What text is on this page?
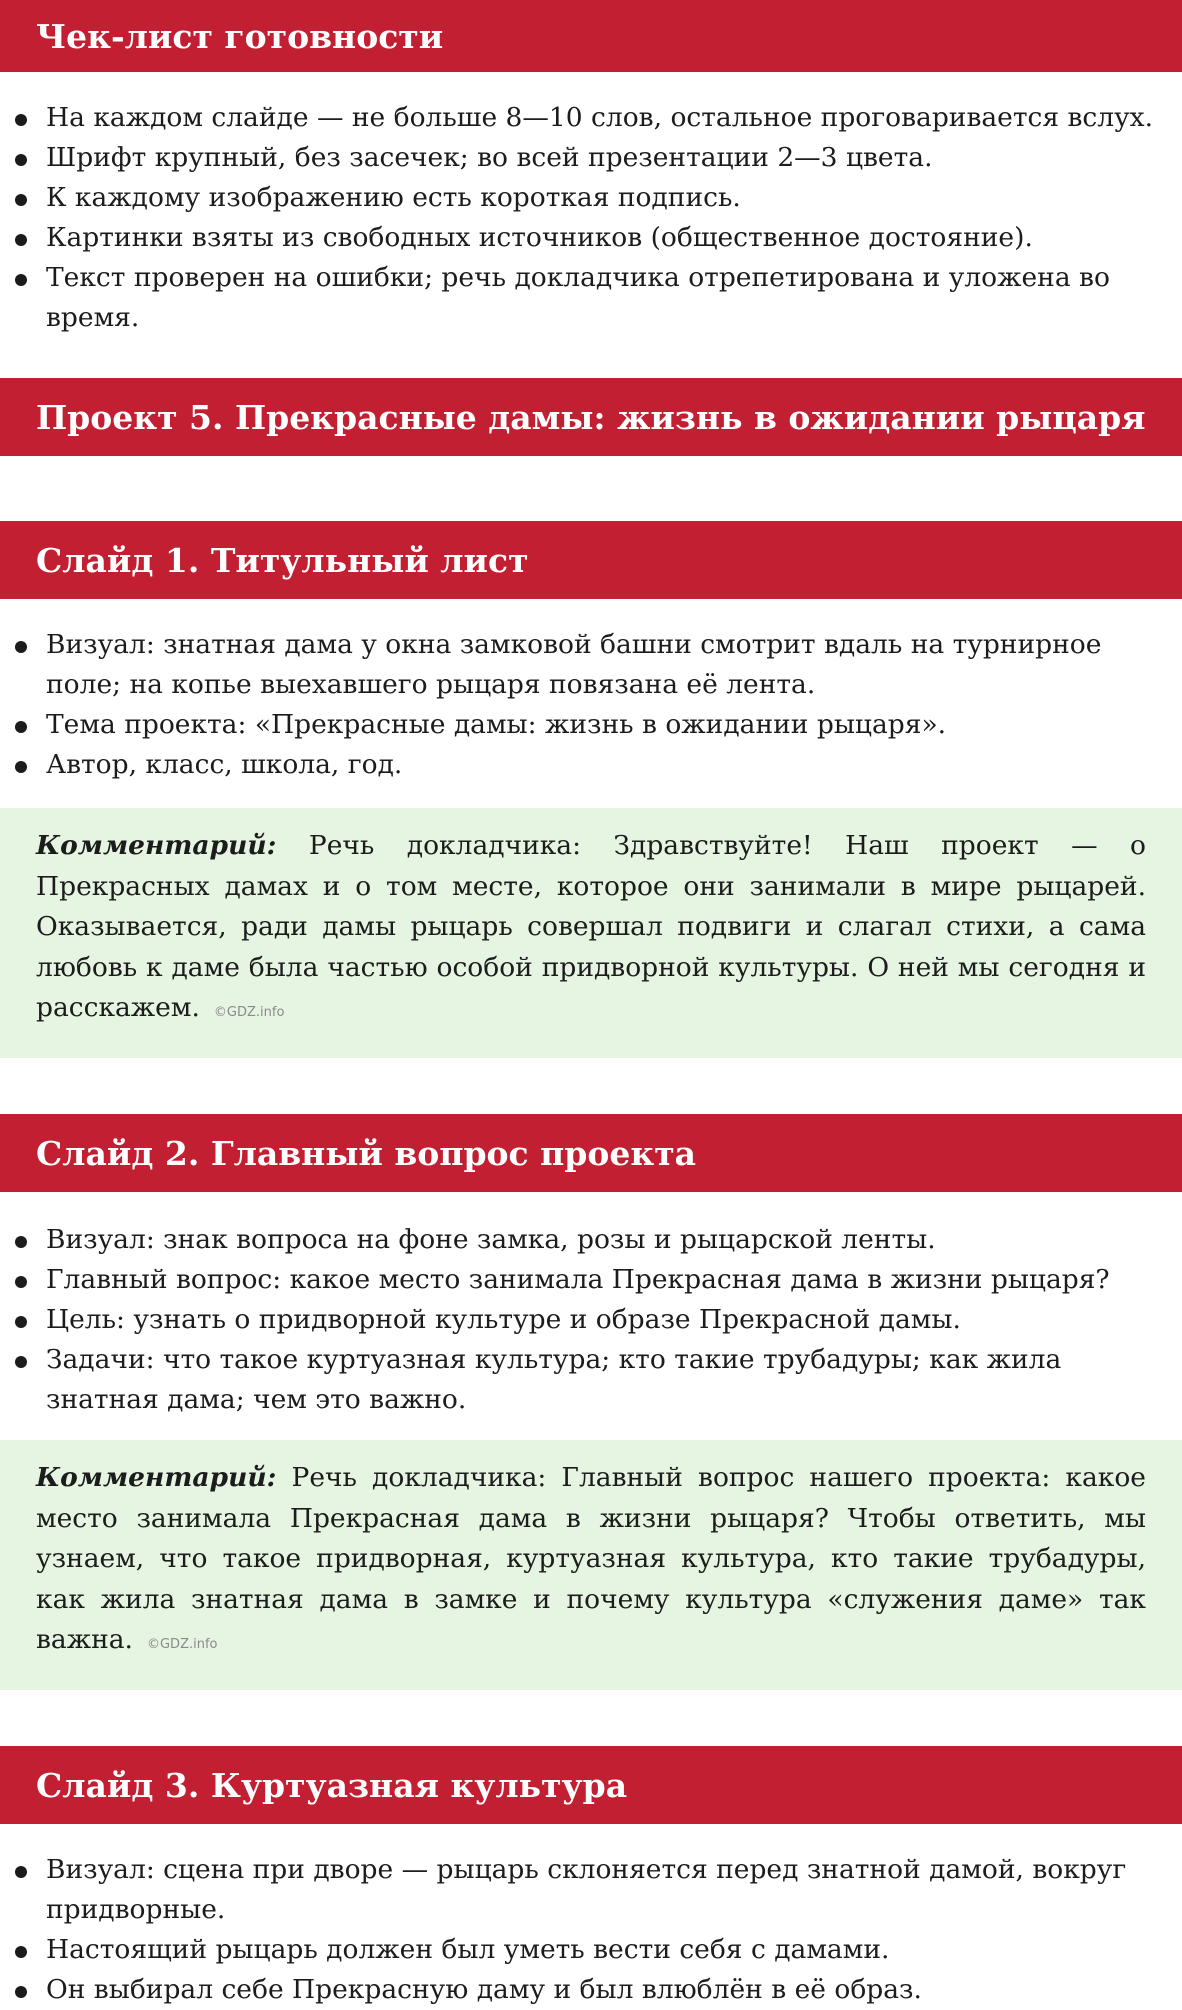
Чек-лист готовности
На каждом слайде — не больше 8—10 слов, остальное проговаривается вслух.
Шрифт крупный, без засечек; во всей презентации 2—3 цвета.
К каждому изображению есть короткая подпись.
Картинки взяты из свободных источников (общественное достояние).
Текст проверен на ошибки; речь докладчика отрепетирована и уложена во время.
Проект 5. Прекрасные дамы: жизнь в ожидании рыцаря
Слайд 1. Титульный лист
Визуал: знатная дама у окна замковой башни смотрит вдаль на турнирное поле; на копье выехавшего рыцаря повязана её лента.
Тема проекта: «Прекрасные дамы: жизнь в ожидании рыцаря».
Автор, класс, школа, год.
Комментарий: Речь докладчика: Здравствуйте! Наш проект — о Прекрасных дамах и о том месте, которое они занимали в мире рыцарей. Оказывается, ради дамы рыцарь совершал подвиги и слагал стихи, а сама любовь к даме была частью особой придворной культуры. О ней мы сегодня и расскажем. ©GDZ.info
Слайд 2. Главный вопрос проекта
Визуал: знак вопроса на фоне замка, розы и рыцарской ленты.
Главный вопрос: какое место занимала Прекрасная дама в жизни рыцаря?
Цель: узнать о придворной культуре и образе Прекрасной дамы.
Задачи: что такое куртуазная культура; кто такие трубадуры; как жила знатная дама; чем это важно.
Комментарий: Речь докладчика: Главный вопрос нашего проекта: какое место занимала Прекрасная дама в жизни рыцаря? Чтобы ответить, мы узнаем, что такое придворная, куртуазная культура, кто такие трубадуры, как жила знатная дама в замке и почему культура «служения даме» так важна. ©GDZ.info
Слайд 3. Куртуазная культура
Визуал: сцена при дворе — рыцарь склоняется перед знатной дамой, вокруг придворные.
Настоящий рыцарь должен был уметь вести себя с дамами.
Он выбирал себе Прекрасную даму и был влюблён в её образ.
